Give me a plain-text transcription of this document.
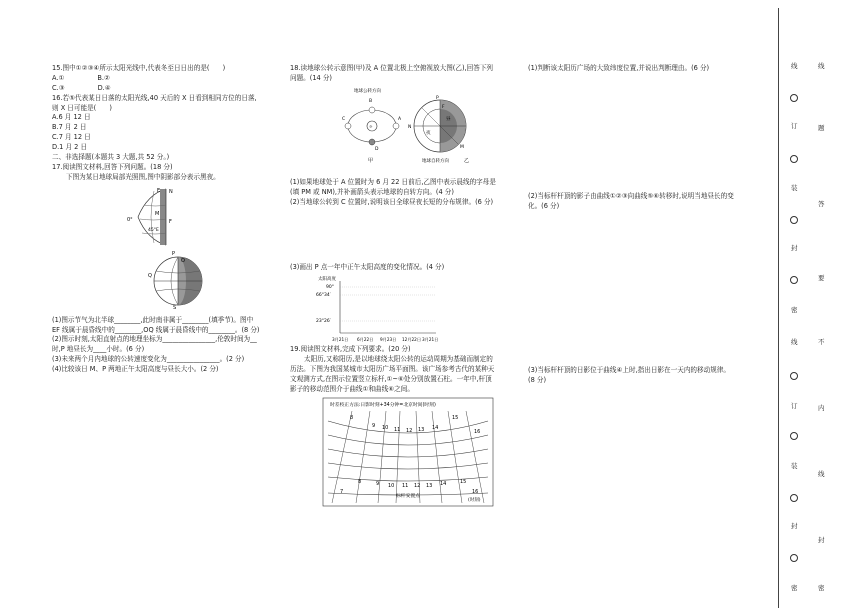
15.图中①②③④所示太阳光线中,代表冬至日日出的是(　　)
A.①　　　　　B.②
C.③　　　　　D.④
16.若⑤代表某日日落的太阳光线,40 天后的 X 日看到相同方位的日落,
则 X 日可能是(　　)
A.6 月 12 日
B.7 月 2 日
C.7 月 12 日
D.1 月 2 日
二、非选择题(本题共 3 大题,共 52 分。)
17.阅读图文材料,回答下列问题。(18 分)
下图为某日地球局部光照图,图中阴影部分表示黑夜。
E N
M
F
0°
45°E
P
Q
S
O
(1)图示节气为北半球________,此时南非属于________(填季节)。图中
EF 线属于晨昏线中的________,OQ 线属于晨昏线中的________。(8 分)
(2)图示时刻,太阳直射点的地理坐标为________________,伦敦时间为__
时,P 地昼长为____小时。(6 分)
(3)未来两个月内地球的公转速度变化为________________。(2 分)
(4)比较该日 M、P 两地正午太阳高度与昼长大小。(2 分)
18.读地球公转示意图(甲)及 A 位置北极上空俯视放大图(乙),回答下列
问题。(14 分)
地球公转方向
☼
A
B
C
D
甲
P
F
N
M
夜
昼
地球自转方向	乙
(1)如果地球处于 A 位置时为 6 月 22 日前后,乙图中表示晨线的字母是
(填 PM 或 NM),并补画箭头表示地球的自转方向。(4 分)
(2)当地球公转到 C 位置时,说明该日全球昼夜长短的分布规律。(6 分)
(3)画出 P 点一年中正午太阳高度的变化情况。(4 分)
太阳高度
90°
66°34′
23°26′
3月21日 6月22日 9月23日 12月22日 3月21日
19.阅读图文材料,完成下列要求。(20 分)
太阳历,又称阳历,是以地球绕太阳公转的运动周期为基础而制定的
历法。下图为我国某城市太阳历广场平面图。该广场参考古代的某种天
文观测方式,在图示位置竖立标杆,①~⑥处分别放置石柱。一年中,杆顶
影子的移动范围介于曲线①和曲线⑥之间。
时差校正方法:日影时刻+34分钟=北京时间(时刻)
9 10 11 12 13 14
15
8
16
8	9 10 11 12 13 14	15
7	16
标杆安置点
(时刻)
(1)判断该太阳历广场的大致纬度位置,并说出判断理由。(6 分)
(2)当标杆杆顶的影子由曲线①②③向曲线⑤⑥转移时,说明当地昼长的变
化。(6 分)
(3)当标杆杆顶的日影位于曲线④上时,指出日影在一天内的移动规律。
(8 分)
线
订
装
封
密
线
订
装
封
密
线
题
答
要
不
内
线
封
密
